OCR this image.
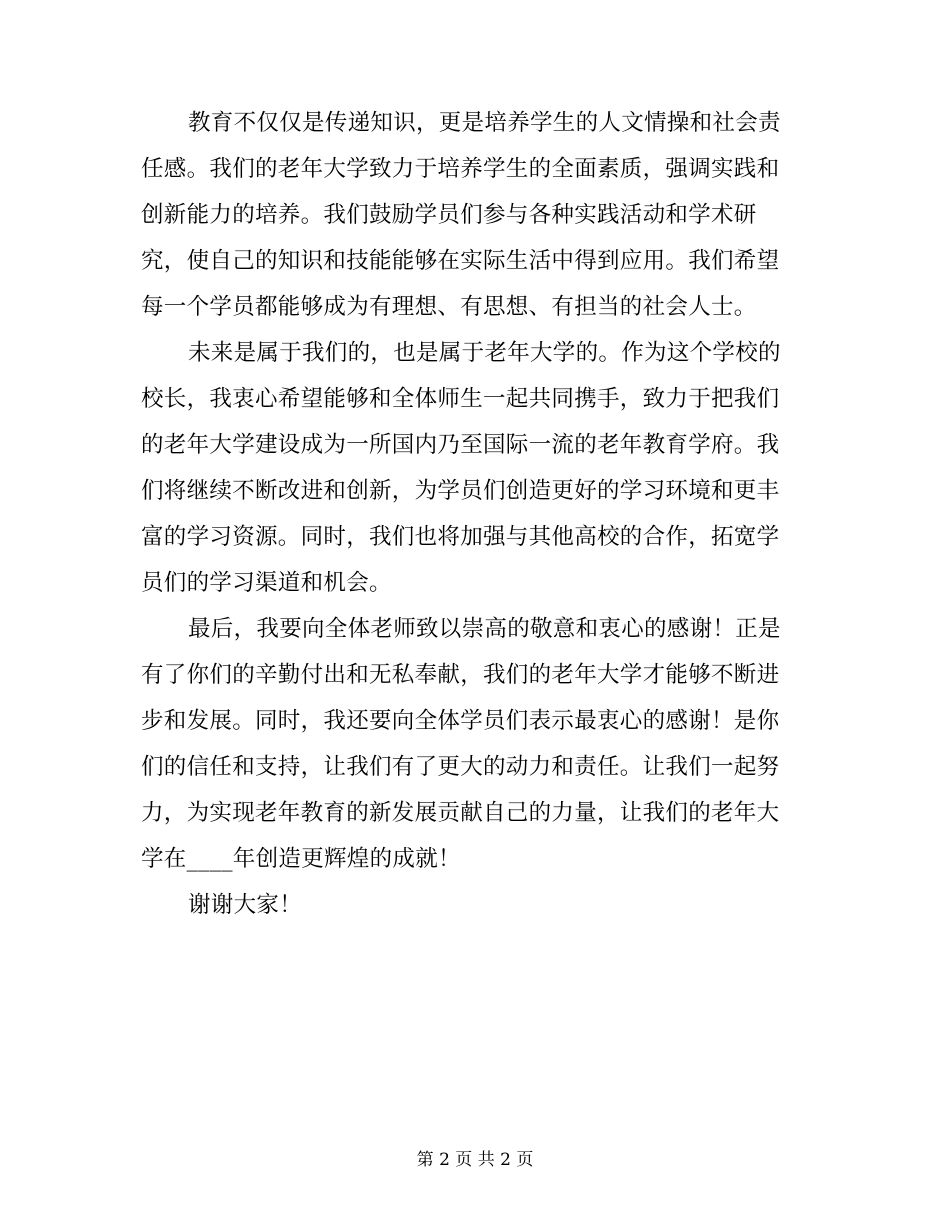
教育不仅仅是传递知识，更是培养学生的人文情操和社会责
任感。我们的老年大学致力于培养学生的全面素质，强调实践和
创新能力的培养。我们鼓励学员们参与各种实践活动和学术研
究，使自己的知识和技能能够在实际生活中得到应用。我们希望
每一个学员都能够成为有理想、有思想、有担当的社会人士。
未来是属于我们的，也是属于老年大学的。作为这个学校的
校长，我衷心希望能够和全体师生一起共同携手，致力于把我们
的老年大学建设成为一所国内乃至国际一流的老年教育学府。我
们将继续不断改进和创新，为学员们创造更好的学习环境和更丰
富的学习资源。同时，我们也将加强与其他高校的合作，拓宽学
员们的学习渠道和机会。
最后，我要向全体老师致以崇高的敬意和衷心的感谢！正是
有了你们的辛勤付出和无私奉献，我们的老年大学才能够不断进
步和发展。同时，我还要向全体学员们表示最衷心的感谢！是你
们的信任和支持，让我们有了更大的动力和责任。让我们一起努
力，为实现老年教育的新发展贡献自己的力量，让我们的老年大
学在____年创造更辉煌的成就！
谢谢大家！
第 2 页 共 2 页
